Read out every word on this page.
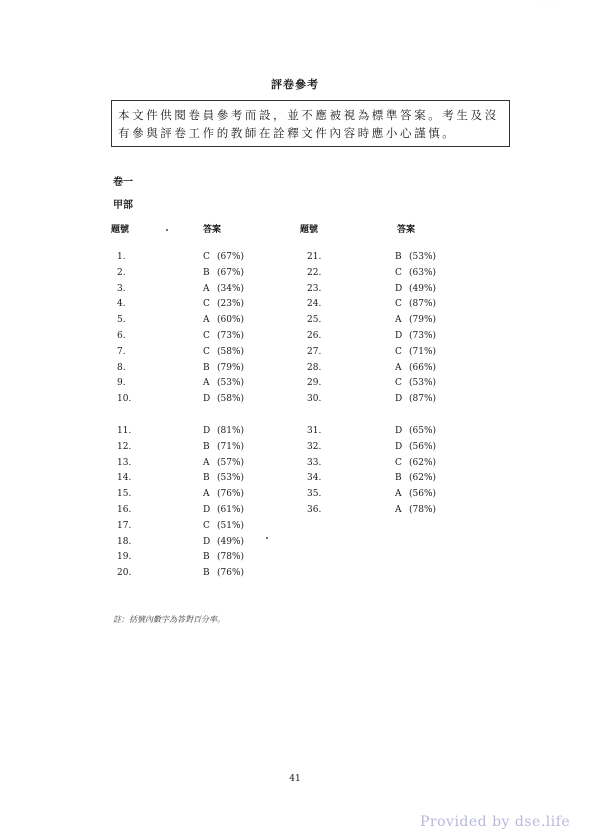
·   ·   ·
評卷參考
本文件供閱卷員參考而設，並不應被視為標準答案。考生及沒
有參與評卷工作的教師在詮釋文件內容時應小心謹慎。
卷一
甲部
題號	答案	題號	答案
1.	C (67%)
2.	B (67%)
3.	A (34%)
4.	C (23%)
5.	A (60%)
6.	C (73%)
7.	C (58%)
8.	B (79%)
9.	A (53%)
10.	D (58%)
11.	D (81%)
12.	B (71%)
13.	A (57%)
14.	B (53%)
15.	A (76%)
16.	D (61%)
17.	C (51%)
18.	D (49%)
19.	B (78%)
20.	B (76%)
21.	B (53%)
22.	C (63%)
23.	D (49%)
24.	C (87%)
25.	A (79%)
26.	D (73%)
27.	C (71%)
28.	A (66%)
29.	C (53%)
30.	D (87%)
31.	D (65%)
32.	D (56%)
33.	C (62%)
34.	B (62%)
35.	A (56%)
36.	A (78%)
註：括號內數字為答對百分率。
41
Provided by dse.life
